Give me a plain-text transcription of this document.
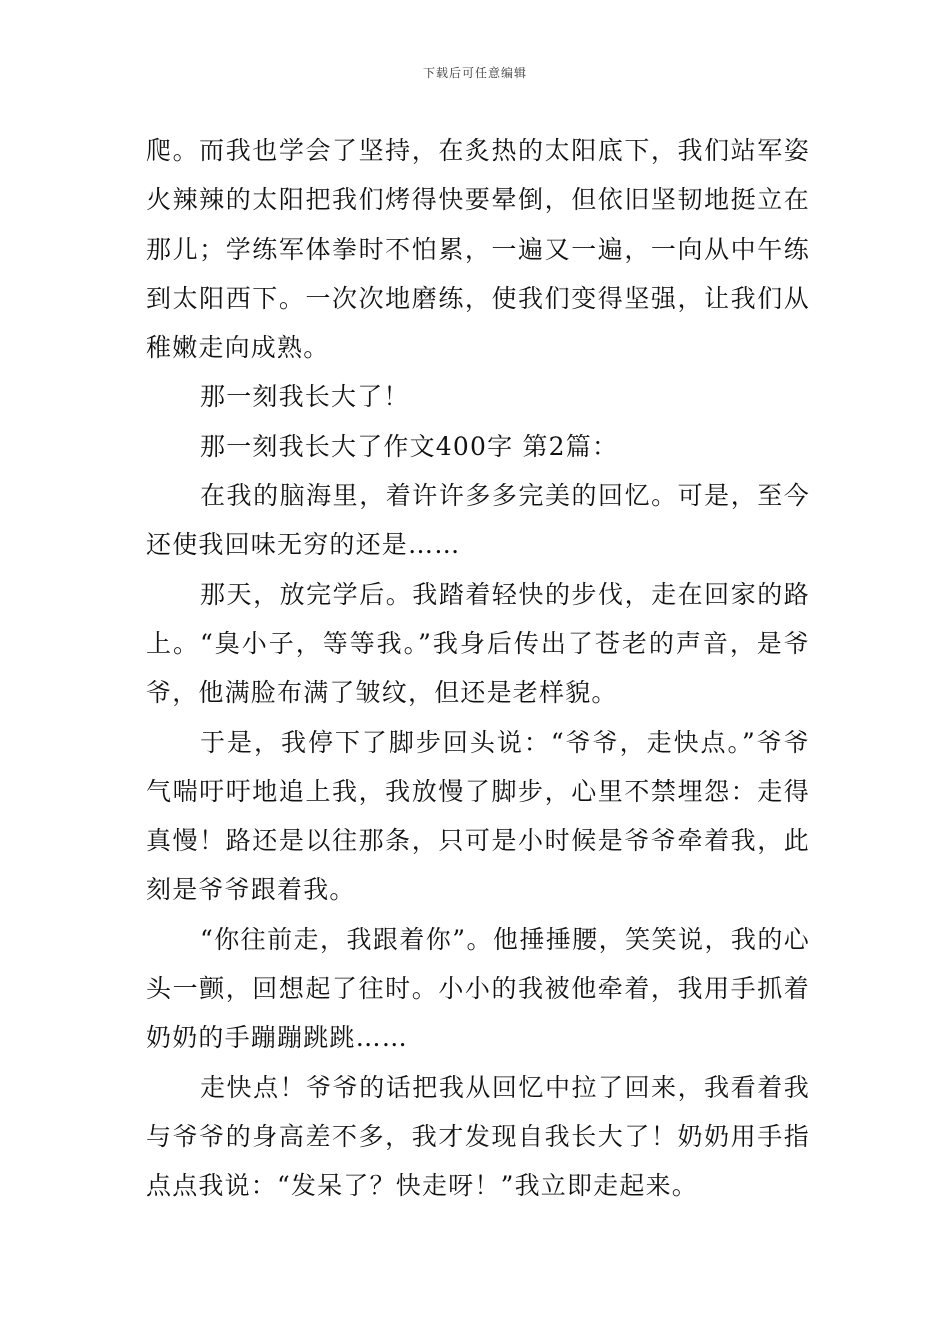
下载后可任意编辑

爬。而我也学会了坚持，在炙热的太阳底下，我们站军姿火辣辣的太阳把我们烤得快要晕倒，但依旧坚韧地挺立在那儿；学练军体拳时不怕累，一遍又一遍，一向从中午练到太阳西下。一次次地磨练，使我们变得坚强，让我们从稚嫩走向成熟。

那一刻我长大了！

那一刻我长大了作文400字 第2篇：

在我的脑海里，着许许多多完美的回忆。可是，至今还使我回味无穷的还是……

那天，放完学后。我踏着轻快的步伐，走在回家的路上。“臭小子，等等我。”我身后传出了苍老的声音，是爷爷，他满脸布满了皱纹，但还是老样貌。

于是，我停下了脚步回头说：“爷爷，走快点。”爷爷气喘吁吁地追上我，我放慢了脚步，心里不禁埋怨：走得真慢！路还是以往那条，只可是小时候是爷爷牵着我，此刻是爷爷跟着我。

“你往前走，我跟着你”。他捶捶腰，笑笑说，我的心头一颤，回想起了往时。小小的我被他牵着，我用手抓着奶奶的手蹦蹦跳跳……

走快点！爷爷的话把我从回忆中拉了回来，我看着我与爷爷的身高差不多，我才发现自我长大了！奶奶用手指点点我说：“发呆了？快走呀！”我立即走起来。
